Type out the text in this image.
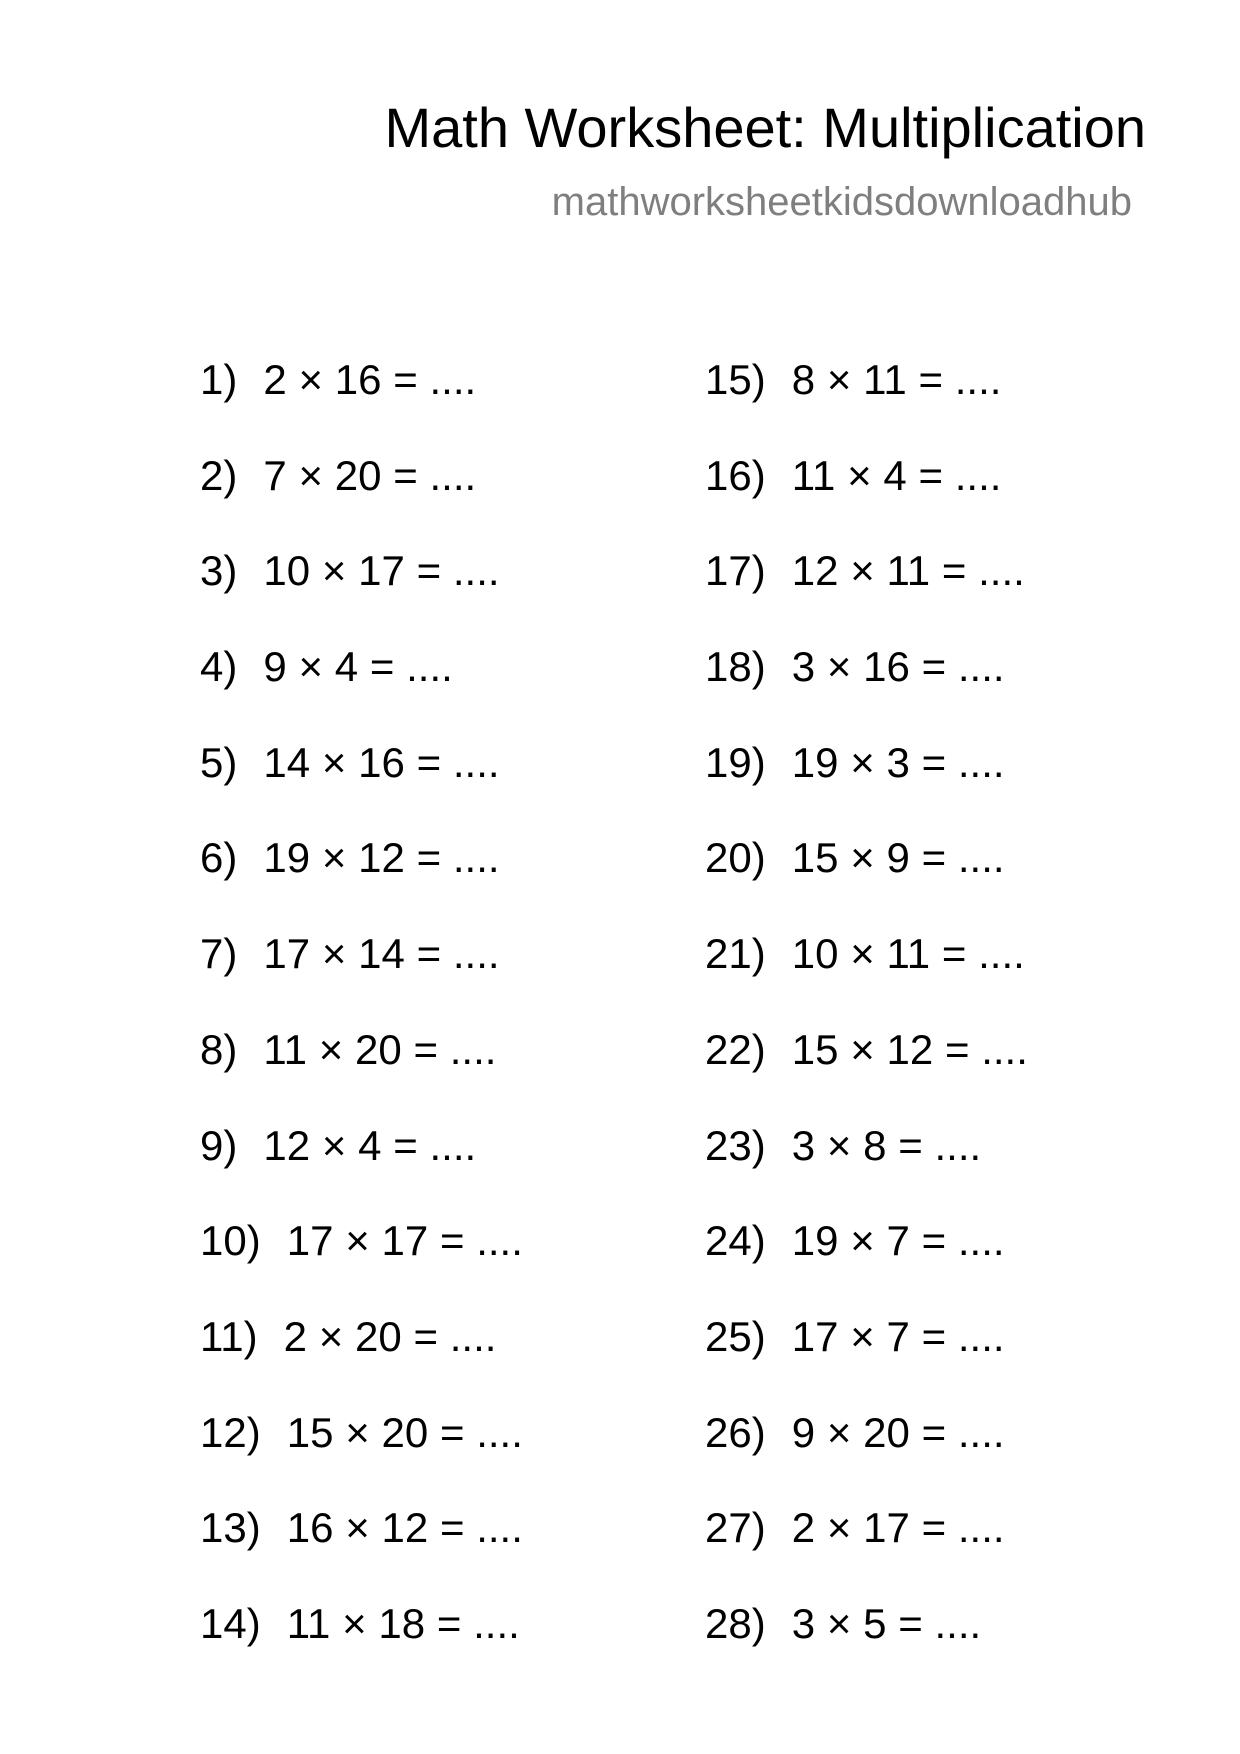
Math Worksheet: Multiplication
mathworksheetkidsdownloadhub
1 ) 2 × 16 = ....
2 ) 7 × 20 = ....
3 ) 10 × 17 = ....
4 ) 9 × 4 = ....
5 ) 14 × 16 = ....
6 ) 19 × 12 = ....
7 ) 17 × 14 = ....
8 ) 11 × 20 = ....
9 ) 12 × 4 = ....
10 ) 17 × 17 = ....
11 ) 2 × 20 = ....
12 ) 15 × 20 = ....
13 ) 16 × 12 = ....
14 ) 11 × 18 = ....
15 ) 8 × 11 = ....
16 ) 11 × 4 = ....
17 ) 12 × 11 = ....
18 ) 3 × 16 = ....
19 ) 19 × 3 = ....
20 ) 15 × 9 = ....
21 ) 10 × 11 = ....
22 ) 15 × 12 = ....
23 ) 3 × 8 = ....
24 ) 19 × 7 = ....
25 ) 17 × 7 = ....
26 ) 9 × 20 = ....
27 ) 2 × 17 = ....
28 ) 3 × 5 = ....
